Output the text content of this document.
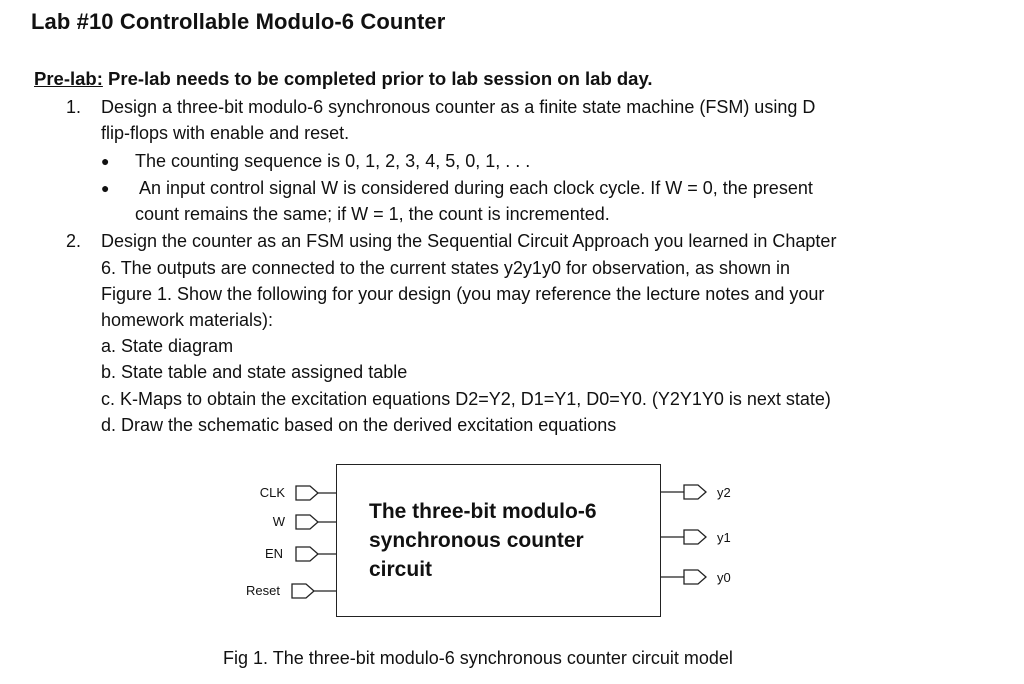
Lab #10 Controllable Modulo-6 Counter
Pre-lab: Pre-lab needs to be completed prior to lab session on lab day.
1. Design a three-bit modulo-6 synchronous counter as a finite state machine (FSM) using D
flip-flops with enable and reset.
● The counting sequence is 0, 1, 2, 3, 4, 5, 0, 1, . . .
● An input control signal W is considered during each clock cycle. If W = 0, the present
count remains the same; if W = 1, the count is incremented.
2. Design the counter as an FSM using the Sequential Circuit Approach you learned in Chapter
6. The outputs are connected to the current states y2y1y0 for observation, as shown in
Figure 1. Show the following for your design (you may reference the lecture notes and your
homework materials):
a. State diagram
b. State table and state assigned table
c. K-Maps to obtain the excitation equations D2=Y2, D1=Y1, D0=Y0. (Y2Y1Y0 is next state)
d. Draw the schematic based on the derived excitation equations
The three-bit modulo-6
synchronous counter
circuit
CLK
W
EN
Reset
y2
y1
y0
Fig 1. The three-bit modulo-6 synchronous counter circuit model
